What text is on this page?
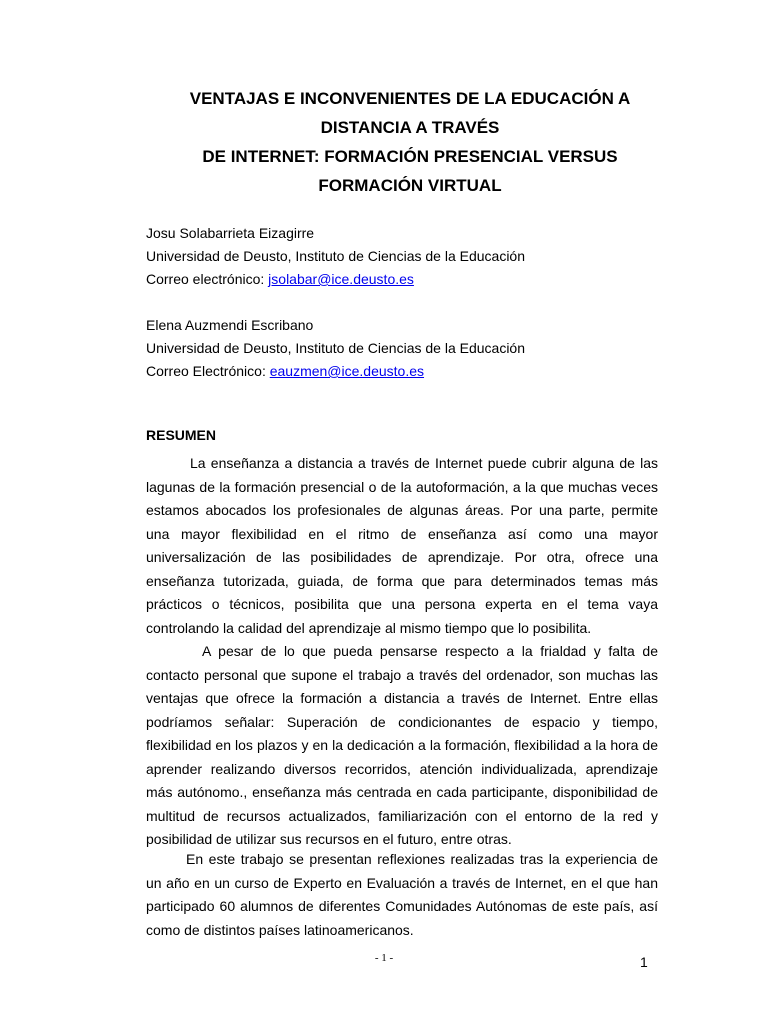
VENTAJAS E INCONVENIENTES DE LA EDUCACIÓN A
DISTANCIA A TRAVÉS
DE INTERNET: FORMACIÓN PRESENCIAL VERSUS
FORMACIÓN VIRTUAL
Josu Solabarrieta Eizagirre
Universidad de Deusto, Instituto de Ciencias de la Educación
Correo electrónico: jsolabar@ice.deusto.es
Elena Auzmendi Escribano
Universidad de Deusto, Instituto de Ciencias de la Educación
Correo Electrónico: eauzmen@ice.deusto.es
RESUMEN

La enseñanza a distancia a través de Internet puede cubrir alguna de las lagunas de la formación presencial o de la autoformación, a la que muchas veces estamos abocados los profesionales de algunas áreas. Por una parte, permite una mayor flexibilidad en el ritmo de enseñanza así como una mayor universalización de las posibilidades de aprendizaje. Por otra, ofrece una enseñanza tutorizada, guiada, de forma que para determinados temas más prácticos o técnicos, posibilita que una persona experta en el tema vaya controlando la calidad del aprendizaje al mismo tiempo que lo posibilita.

A pesar de lo que pueda pensarse respecto a la frialdad y falta de contacto personal que supone el trabajo a través del ordenador, son muchas las ventajas que ofrece la formación a distancia a través de Internet. Entre ellas podríamos señalar: Superación de condicionantes de espacio y tiempo, flexibilidad en los plazos y en la dedicación a la formación, flexibilidad a la hora de aprender realizando diversos recorridos, atención individualizada, aprendizaje más autónomo., enseñanza más centrada en cada participante, disponibilidad de multitud de recursos actualizados, familiarización con el entorno de la red y posibilidad de utilizar sus recursos en el futuro, entre otras.

En este trabajo se presentan reflexiones realizadas tras la experiencia de un año en un curso de Experto en Evaluación a través de Internet, en el que han participado 60 alumnos de diferentes Comunidades Autónomas de este país, así como de distintos países latinoamericanos.

- 1 -	1
